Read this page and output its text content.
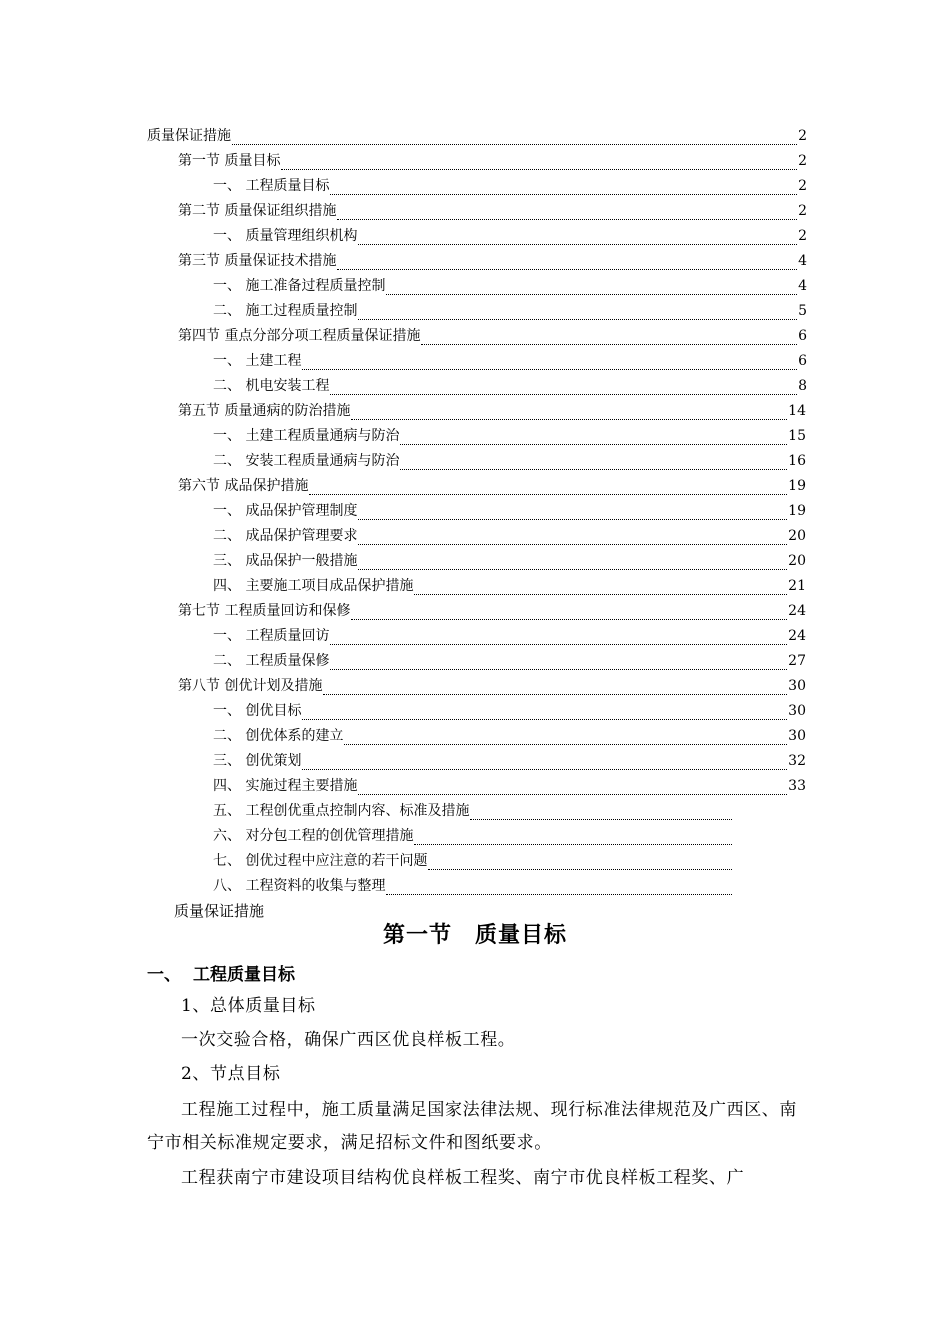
质量保证措施	2
第一节 质量目标	2
一、 工程质量目标	2
第二节 质量保证组织措施	2
一、 质量管理组织机构	2
第三节 质量保证技术措施	4
一、 施工准备过程质量控制	4
二、 施工过程质量控制	5
第四节 重点分部分项工程质量保证措施	6
一、 土建工程	6
二、 机电安装工程	8
第五节 质量通病的防治措施	14
一、 土建工程质量通病与防治	15
二、 安装工程质量通病与防治	16
第六节 成品保护措施	19
一、 成品保护管理制度	19
二、 成品保护管理要求	20
三、 成品保护一般措施	20
四、 主要施工项目成品保护措施	21
第七节 工程质量回访和保修	24
一、 工程质量回访	24
二、 工程质量保修	27
第八节 创优计划及措施	30
一、 创优目标	30
二、 创优体系的建立	30
三、 创优策划	32
四、 实施过程主要措施	33
五、 工程创优重点控制内容、标准及措施
六、 对分包工程的创优管理措施
七、 创优过程中应注意的若干问题
八、 工程资料的收集与整理
质量保证措施
第一节　质量目标
一、 工程质量目标
1、总体质量目标
一次交验合格，确保广西区优良样板工程。
2、节点目标
工程施工过程中，施工质量满足国家法律法规、现行标准法律规范及广西区、南宁市相关标准规定要求，满足招标文件和图纸要求。
工程获南宁市建设项目结构优良样板工程奖、南宁市优良样板工程奖、广
